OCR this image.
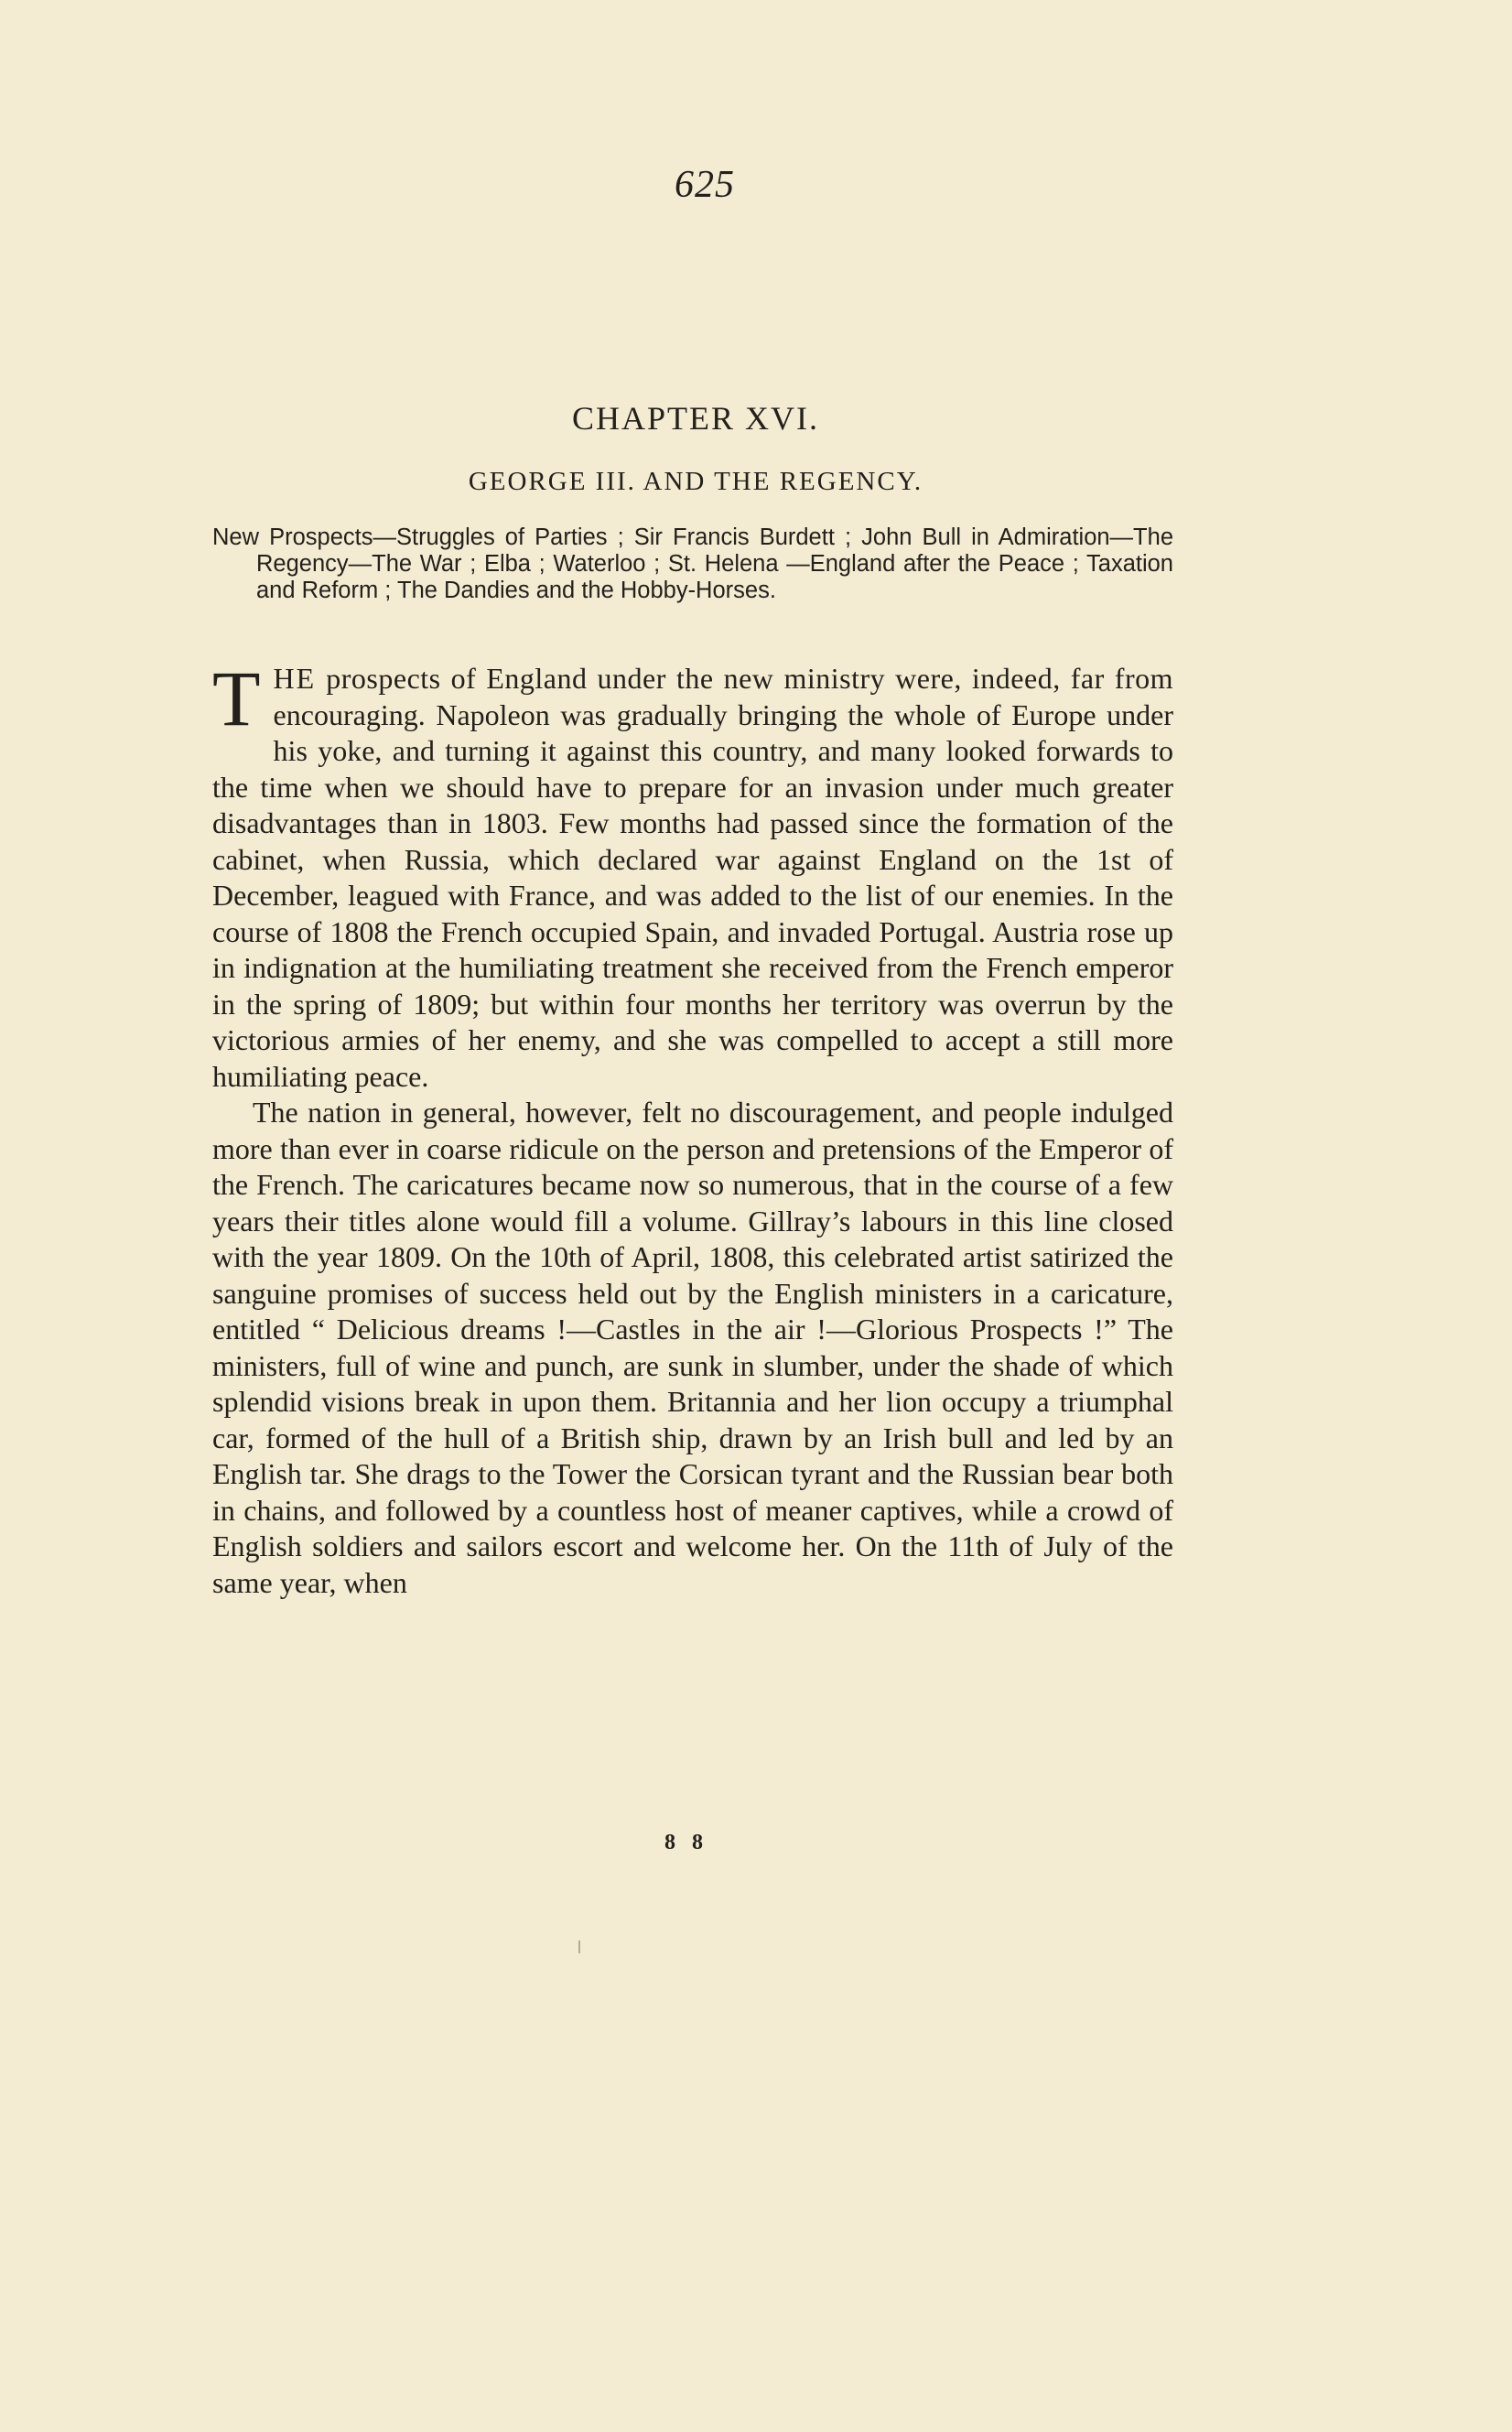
625
CHAPTER XVI.
GEORGE III. AND THE REGENCY.
New Prospects—Struggles of Parties ; Sir Francis Burdett ; John Bull in Admiration—The Regency—The War ; Elba ; Waterloo ; St. Helena —England after the Peace ; Taxation and Reform ; The Dandies and the Hobby-Horses.

THE prospects of England under the new ministry were, indeed, far from encouraging. Napoleon was gradually bringing the whole of Europe under his yoke, and turning it against this country, and many looked forwards to the time when we should have to prepare for an invasion under much greater disadvantages than in 1803. Few months had passed since the formation of the cabinet, when Russia, which declared war against England on the 1st of December, leagued with France, and was added to the list of our enemies. In the course of 1808 the French occupied Spain, and invaded Portugal. Austria rose up in indignation at the humiliating treatment she received from the French emperor in the spring of 1809; but within four months her territory was overrun by the victorious armies of her enemy, and she was compelled to accept a still more humiliating peace.

The nation in general, however, felt no discouragement, and people indulged more than ever in coarse ridicule on the person and pretensions of the Emperor of the French. The caricatures became now so numerous, that in the course of a few years their titles alone would fill a volume. Gillray’s labours in this line closed with the year 1809. On the 10th of April, 1808, this celebrated artist satirized the sanguine promises of success held out by the English ministers in a caricature, entitled “ Delicious dreams !—Castles in the air !—Glorious Prospects !” The ministers, full of wine and punch, are sunk in slumber, under the shade of which splendid visions break in upon them. Britannia and her lion occupy a triumphal car, formed of the hull of a British ship, drawn by an Irish bull and led by an English tar. She drags to the Tower the Corsican tyrant and the Russian bear both in chains, and followed by a countless host of meaner captives, while a crowd of English soldiers and sailors escort and welcome her. On the 11th of July of the same year, when

8 8
